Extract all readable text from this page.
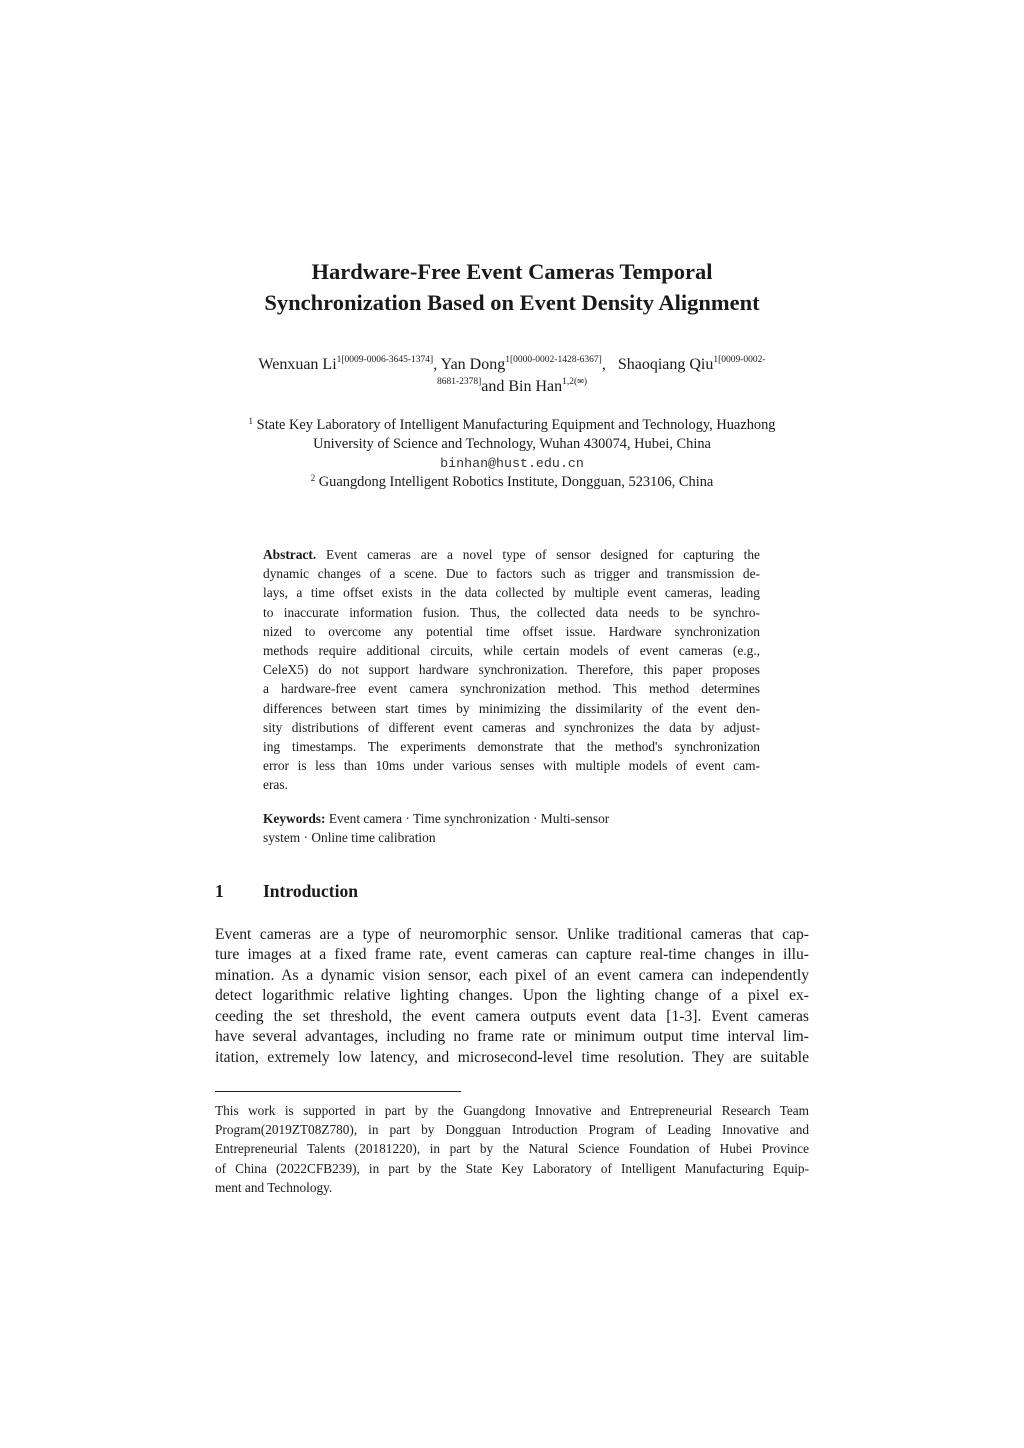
Hardware-Free Event Cameras Temporal
Synchronization Based on Event Density Alignment
Wenxuan $Li^{1[0009-0006-3645-1374]}$, Yan Dong$^{1[0000-0002-1428-6367]}$,   Shaoqiang Qiu$^{1[0009-0002-}$
$^{8681-2378]}$and Bin Han$^{1,2(✉)}$
$^1$ State Key Laboratory of Intelligent Manufacturing Equipment and Technology, Huazhong
University of Science and Technology, Wuhan 430074, Hubei, China
binhan@hust.edu.cn
$^2$ Guangdong Intelligent Robotics Institute, Dongguan, 523106, China
Abstract. Event cameras are a novel type of sensor designed for capturing the
dynamic changes of a scene. Due to factors such as trigger and transmission de-
lays, a time offset exists in the data collected by multiple event cameras, leading
to inaccurate information fusion. Thus, the collected data needs to be synchro-
nized to overcome any potential time offset issue. Hardware synchronization
methods require additional circuits, while certain models of event cameras (e.g.,
CeleX5) do not support hardware synchronization. Therefore, this paper proposes
a hardware-free event camera synchronization method. This method determines
differences between start times by minimizing the dissimilarity of the event den-
sity distributions of different event cameras and synchronizes the data by adjust-
ing timestamps. The experiments demonstrate that the method's synchronization
error is less than 10ms under various senses with multiple models of event cam-
eras.
Keywords: Event camera · Time synchronization · Multi-sensor
system · Online time calibration
1 Introduction
Event cameras are a type of neuromorphic sensor. Unlike traditional cameras that cap-
ture images at a fixed frame rate, event cameras can capture real-time changes in illu-
mination. As a dynamic vision sensor, each pixel of an event camera can independently
detect logarithmic relative lighting changes. Upon the lighting change of a pixel ex-
ceeding the set threshold, the event camera outputs event data [1-3]. Event cameras
have several advantages, including no frame rate or minimum output time interval lim-
itation, extremely low latency, and microsecond-level time resolution. They are suitable
This work is supported in part by the Guangdong Innovative and Entrepreneurial Research Team
Program(2019ZT08Z780), in part by Dongguan Introduction Program of Leading Innovative and
Entrepreneurial Talents (20181220), in part by the Natural Science Foundation of Hubei Province
of China (2022CFB239), in part by the State Key Laboratory of Intelligent Manufacturing Equip-
ment and Technology.
